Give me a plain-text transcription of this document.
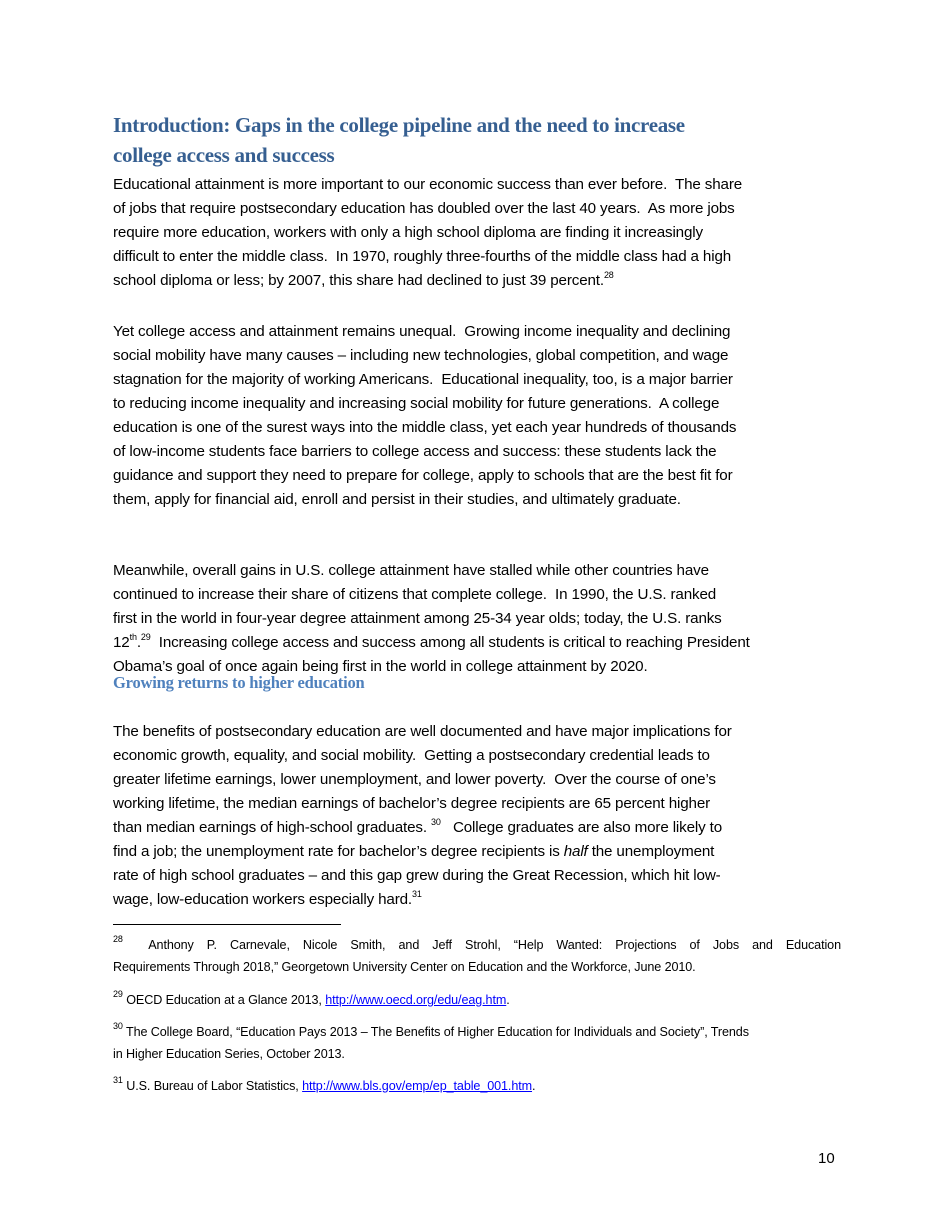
Introduction: Gaps in the college pipeline and the need to increase
college access and success
Educational attainment is more important to our economic success than ever before.  The share
of jobs that require postsecondary education has doubled over the last 40 years.  As more jobs
require more education, workers with only a high school diploma are finding it increasingly
difficult to enter the middle class.  In 1970, roughly three-fourths of the middle class had a high
school diploma or less; by 2007, this share had declined to just 39 percent.$^{28}$
Yet college access and attainment remains unequal.  Growing income inequality and declining
social mobility have many causes – including new technologies, global competition, and wage
stagnation for the majority of working Americans.  Educational inequality, too, is a major barrier
to reducing income inequality and increasing social mobility for future generations.  A college
education is one of the surest ways into the middle class, yet each year hundreds of thousands
of low-income students face barriers to college access and success: these students lack the
guidance and support they need to prepare for college, apply to schools that are the best fit for
them, apply for financial aid, enroll and persist in their studies, and ultimately graduate.
Meanwhile, overall gains in U.S. college attainment have stalled while other countries have
continued to increase their share of citizens that complete college.  In 1990, the U.S. ranked
first in the world in four-year degree attainment among 25-34 year olds; today, the U.S. ranks
12th.$^{29}$  Increasing college access and success among all students is critical to reaching President
Obama’s goal of once again being first in the world in college attainment by 2020.
Growing returns to higher education
The benefits of postsecondary education are well documented and have major implications for
economic growth, equality, and social mobility.  Getting a postsecondary credential leads to
greater lifetime earnings, lower unemployment, and lower poverty.  Over the course of one’s
working lifetime, the median earnings of bachelor’s degree recipients are 65 percent higher
than median earnings of high-school graduates. $^{30}$   College graduates are also more likely to
find a job; the unemployment rate for bachelor’s degree recipients is half the unemployment
rate of high school graduates – and this gap grew during the Great Recession, which hit low-
wage, low-education workers especially hard.$^{31}$
$^{28}$  Anthony P. Carnevale, Nicole Smith, and Jeff Strohl, “Help Wanted: Projections of Jobs and Education
Requirements Through 2018,” Georgetown University Center on Education and the Workforce, June 2010.
$^{29}$ OECD Education at a Glance 2013, http://www.oecd.org/edu/eag.htm.
$^{30}$ The College Board, “Education Pays 2013 – The Benefits of Higher Education for Individuals and Society”, Trends
in Higher Education Series, October 2013.
$^{31}$ U.S. Bureau of Labor Statistics, http://www.bls.gov/emp/ep_table_001.htm.
10
